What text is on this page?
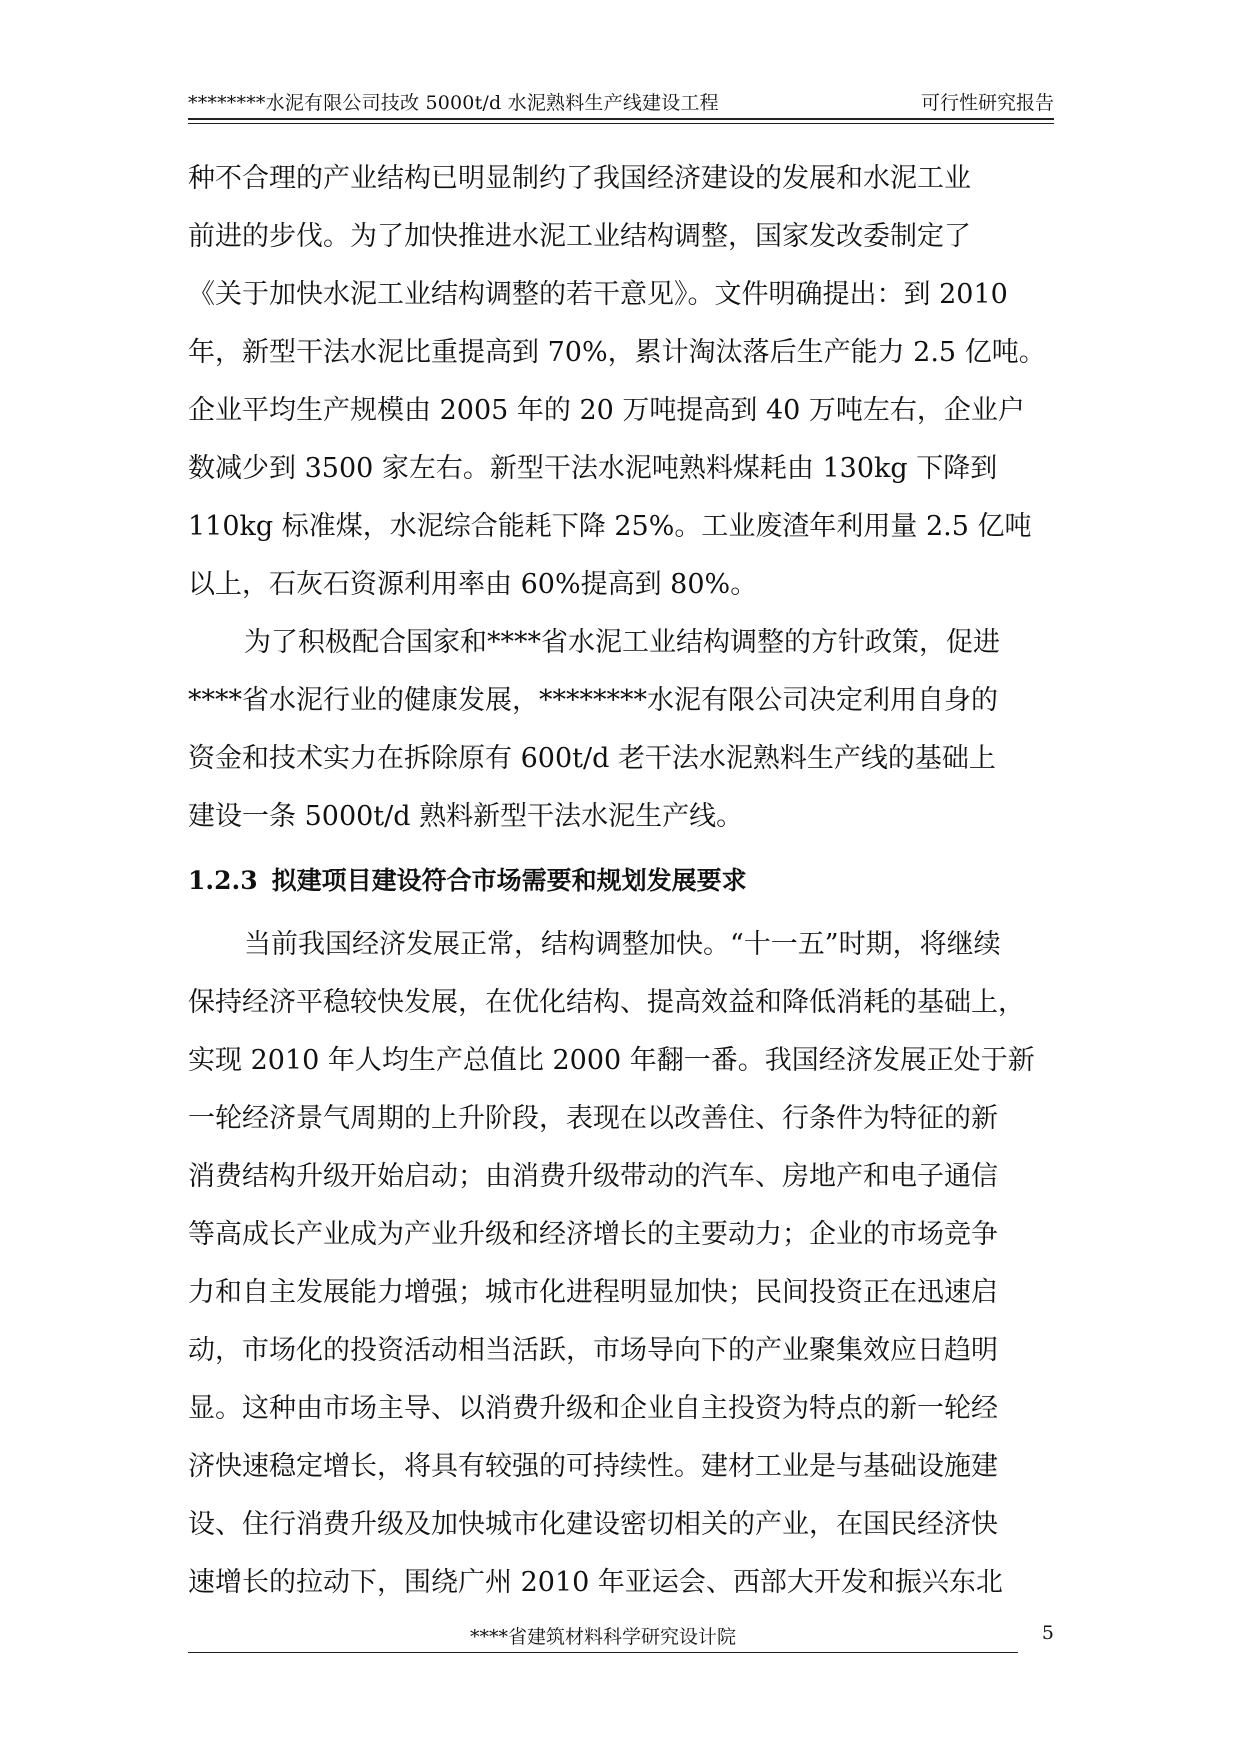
********水泥有限公司技改 5000t/d 水泥熟料生产线建设工程	可行性研究报告
种不合理的产业结构已明显制约了我国经济建设的发展和水泥工业
前进的步伐。为了加快推进水泥工业结构调整，国家发改委制定了
《关于加快水泥工业结构调整的若干意见》。文件明确提出：到 2010
年，新型干法水泥比重提高到 70%，累计淘汰落后生产能力 2.5 亿吨。
企业平均生产规模由 2005 年的 20 万吨提高到 40 万吨左右，企业户
数减少到 3500 家左右。新型干法水泥吨熟料煤耗由 130kg 下降到
110kg 标准煤，水泥综合能耗下降 25%。工业废渣年利用量 2.5 亿吨
以上，石灰石资源利用率由 60%提高到 80%。
为了积极配合国家和****省水泥工业结构调整的方针政策，促进
****省水泥行业的健康发展，********水泥有限公司决定利用自身的
资金和技术实力在拆除原有 600t/d 老干法水泥熟料生产线的基础上
建设一条 5000t/d 熟料新型干法水泥生产线。
1.2.3 拟建项目建设符合市场需要和规划发展要求
当前我国经济发展正常，结构调整加快。“十一五”时期，将继续
保持经济平稳较快发展，在优化结构、提高效益和降低消耗的基础上，
实现 2010 年人均生产总值比 2000 年翻一番。我国经济发展正处于新
一轮经济景气周期的上升阶段，表现在以改善住、行条件为特征的新
消费结构升级开始启动；由消费升级带动的汽车、房地产和电子通信
等高成长产业成为产业升级和经济增长的主要动力；企业的市场竞争
力和自主发展能力增强；城市化进程明显加快；民间投资正在迅速启
动，市场化的投资活动相当活跃，市场导向下的产业聚集效应日趋明
显。这种由市场主导、以消费升级和企业自主投资为特点的新一轮经
济快速稳定增长，将具有较强的可持续性。建材工业是与基础设施建
设、住行消费升级及加快城市化建设密切相关的产业，在国民经济快
速增长的拉动下，围绕广州 2010 年亚运会、西部大开发和振兴东北
****省建筑材料科学研究设计院	5
